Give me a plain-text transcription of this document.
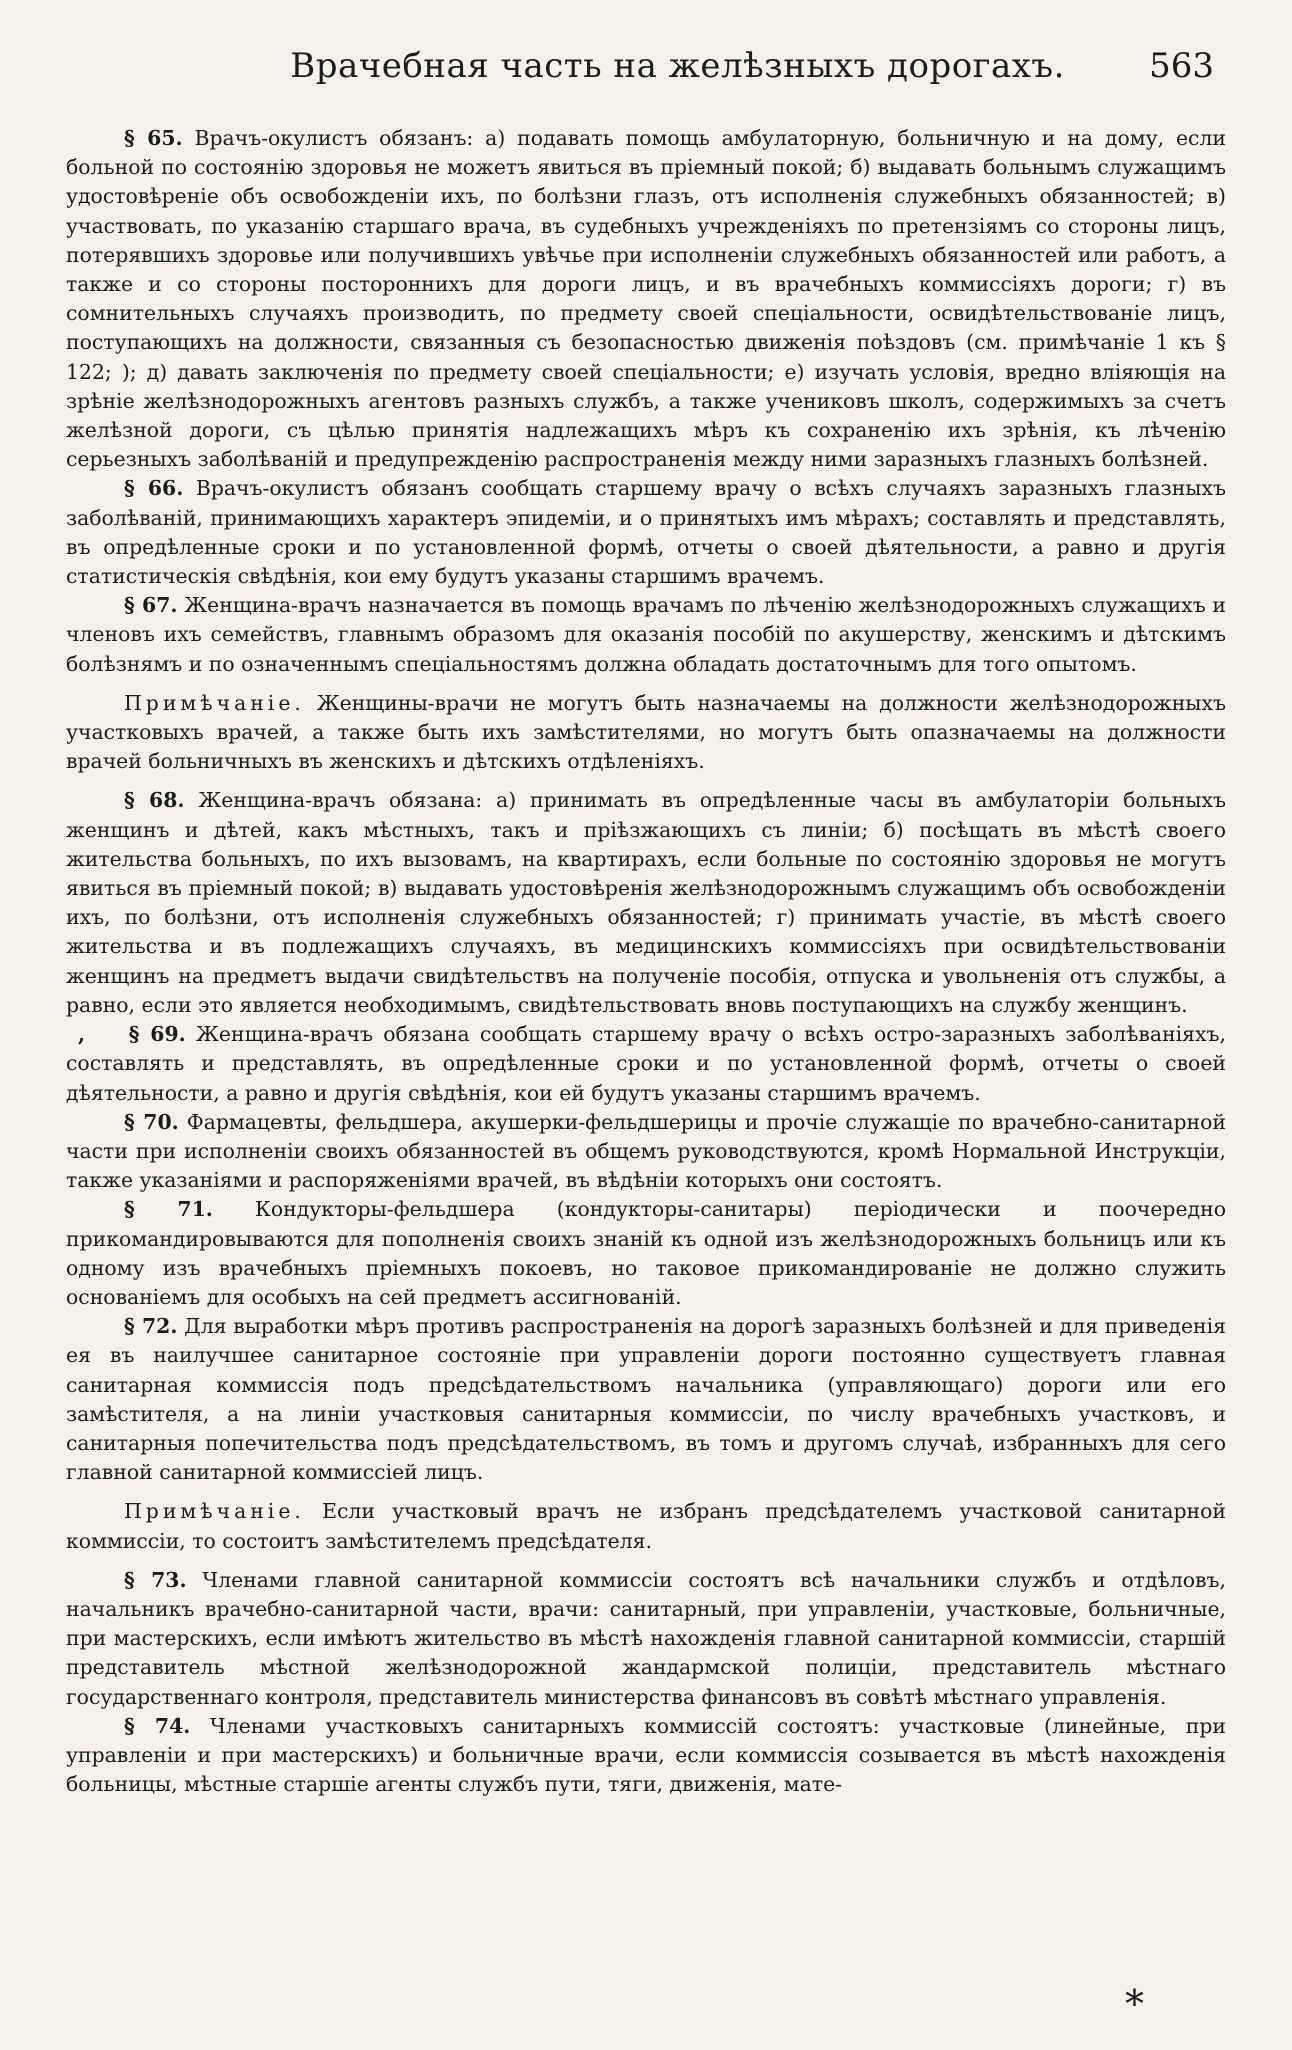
Врачебная часть на желѣзныхъ дорогахъ.	563

§ 65. Врачъ-окулистъ обязанъ: а) подавать помощь амбулаторную, больничную и на дому, если больной по состоянію здоровья не можетъ явиться въ пріемный покой; б) выдавать больнымъ служащимъ удостовѣреніе объ освобожденіи ихъ, по болѣзни глазъ, отъ исполненія служебныхъ обязанностей; в) участвовать, по указанію старшаго врача, въ судебныхъ учрежденіяхъ по претензіямъ со стороны лицъ, потерявшихъ здоровье или получившихъ увѣчье при исполненіи служебныхъ обязанностей или работъ, а также и со стороны постороннихъ для дороги лицъ, и въ врачебныхъ коммиссіяхъ дороги; г) въ сомнительныхъ случаяхъ производить, по предмету своей спеціальности, освидѣтельствованіе лицъ, поступающихъ на должности, связанныя съ безопасностью движенія поѣздовъ (см. примѣчаніе 1 къ § 122; ); д) давать заключенія по предмету своей спеціальности; е) изучать условія, вредно вліяющія на зрѣніе желѣзнодорожныхъ агентовъ разныхъ службъ, а также учениковъ школъ, содержимыхъ за счетъ желѣзной дороги, съ цѣлью принятія надлежащихъ мѣръ къ сохраненію ихъ зрѣнія, къ лѣченію серьезныхъ заболѣваній и предупрежденію распространенія между ними заразныхъ глазныхъ болѣзней.

§ 66. Врачъ-окулистъ обязанъ сообщать старшему врачу о всѣхъ случаяхъ заразныхъ глазныхъ заболѣваній, принимающихъ характеръ эпидеміи, и о принятыхъ имъ мѣрахъ; составлять и представлять, въ опредѣленные сроки и по установленной формѣ, отчеты о своей дѣятельности, а равно и другія статистическія свѣдѣнія, кои ему будутъ указаны старшимъ врачемъ.

§ 67. Женщина-врачъ назначается въ помощь врачамъ по лѣченію желѣзнодорожныхъ служащихъ и членовъ ихъ семействъ, главнымъ образомъ для оказанія пособій по акушерству, женскимъ и дѣтскимъ болѣзнямъ и по означеннымъ спеціальностямъ должна обладать достаточнымъ для того опытомъ.

Примѣчаніе. Женщины-врачи не могутъ быть назначаемы на должности желѣзнодорожныхъ участковыхъ врачей, а также быть ихъ замѣстителями, но могутъ быть опазначаемы на должности врачей больничныхъ въ женскихъ и дѣтскихъ отдѣленіяхъ.

§ 68. Женщина-врачъ обязана: а) принимать въ опредѣленные часы въ амбулаторіи больныхъ женщинъ и дѣтей, какъ мѣстныхъ, такъ и пріѣзжающихъ съ линіи; б) посѣщать въ мѣстѣ своего жительства больныхъ, по ихъ вызовамъ, на квартирахъ, если больные по состоянію здоровья не могутъ явиться въ пріемный покой; в) выдавать удостовѣренія желѣзнодорожнымъ служащимъ объ освобожденіи ихъ, по болѣзни, отъ исполненія служебныхъ обязанностей; г) принимать участіе, въ мѣстѣ своего жительства и въ подлежащихъ случаяхъ, въ медицинскихъ коммиссіяхъ при освидѣтельствованіи женщинъ на предметъ выдачи свидѣтельствъ на полученіе пособія, отпуска и увольненія отъ службы, а равно, если это является необходимымъ, свидѣтельствовать вновь поступающихъ на службу женщинъ.

,    § 69. Женщина-врачъ обязана сообщать старшему врачу о всѣхъ остро-заразныхъ заболѣваніяхъ, составлять и представлять, въ опредѣленные сроки и по установленной формѣ, отчеты о своей дѣятельности, а равно и другія свѣдѣнія, кои ей будутъ указаны старшимъ врачемъ.

§ 70. Фармацевты, фельдшера, акушерки-фельдшерицы и прочіе служащіе по врачебно-санитарной части при исполненіи своихъ обязанностей въ общемъ руководствуются, кромѣ Нормальной Инструкціи, также указаніями и распоряженіями врачей, въ вѣдѣніи которыхъ они состоятъ.

§ 71. Кондукторы-фельдшера (кондукторы-санитары) періодически и поочередно прикомандировываются для пополненія своихъ знаній къ одной изъ желѣзнодорожныхъ больницъ или къ одному изъ врачебныхъ пріемныхъ покоевъ, но таковое прикомандированіе не должно служить основаніемъ для особыхъ на сей предметъ ассигнованій.

§ 72. Для выработки мѣръ противъ распространенія на дорогѣ заразныхъ болѣзней и для приведенія ея въ наилучшее санитарное состояніе при управленіи дороги постоянно существуетъ главная санитарная коммиссія подъ предсѣдательствомъ начальника (управляющаго) дороги или его замѣстителя, а на линіи участковыя санитарныя коммиссіи, по числу врачебныхъ участковъ, и санитарныя попечительства подъ предсѣдательствомъ, въ томъ и другомъ случаѣ, избранныхъ для сего главной санитарной коммиссіей лицъ.

Примѣчаніе. Если участковый врачъ не избранъ предсѣдателемъ участковой санитарной коммиссіи, то состоитъ замѣстителемъ предсѣдателя.

§ 73. Членами главной санитарной коммиссіи состоятъ всѣ начальники службъ и отдѣловъ, начальникъ врачебно-санитарной части, врачи: санитарный, при управленіи, участковые, больничные, при мастерскихъ, если имѣютъ жительство въ мѣстѣ нахожденія главной санитарной коммиссіи, старшій представитель мѣстной желѣзнодорожной жандармской полиціи, представитель мѣстнаго государственнаго контроля, представитель министерства финансовъ въ совѣтѣ мѣстнаго управленія.

§ 74. Членами участковыхъ санитарныхъ коммиссій состоятъ: участковые (линейные, при управленіи и при мастерскихъ) и больничные врачи, если коммиссія созывается въ мѣстѣ нахожденія больницы, мѣстные старшіе агенты службъ пути, тяги, движенія, мате-

*
